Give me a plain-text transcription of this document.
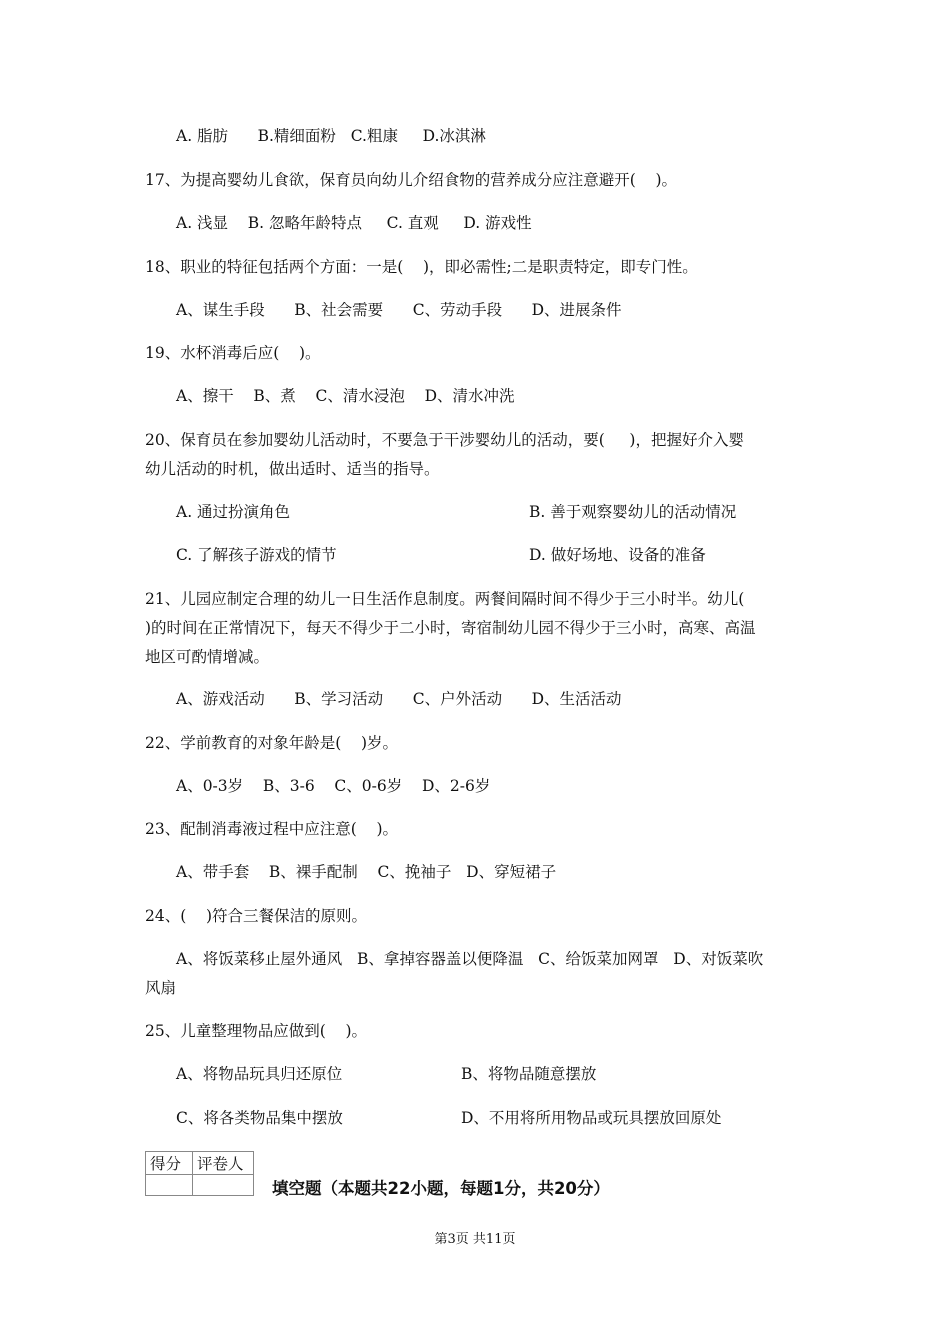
A. 脂肪      B.精细面粉   C.粗康     D.冰淇淋
17、为提高婴幼儿食欲，保育员向幼儿介绍食物的营养成分应注意避开(    )。
A. 浅显    B. 忽略年龄特点     C. 直观     D. 游戏性
18、职业的特征包括两个方面：一是(    )，即必需性;二是职责特定，即专门性。
A、谋生手段      B、社会需要      C、劳动手段      D、进展条件
19、水杯消毒后应(    )。
A、擦干    B、煮    C、清水浸泡    D、清水冲洗
20、保育员在参加婴幼儿活动时，不要急于干涉婴幼儿的活动，要(     )，把握好介入婴
幼儿活动的时机，做出适时、适当的指导。
A. 通过扮演角色	B. 善于观察婴幼儿的活动情况
C. 了解孩子游戏的情节	D. 做好场地、设备的准备
21、儿园应制定合理的幼儿一日生活作息制度。两餐间隔时间不得少于三小时半。幼儿(
)的时间在正常情况下，每天不得少于二小时，寄宿制幼儿园不得少于三小时，高寒、高温
地区可酌情增减。
A、游戏活动      B、学习活动      C、户外活动      D、生活活动
22、学前教育的对象年龄是(    )岁。
A、0-3岁    B、3-6    C、0-6岁    D、2-6岁
23、配制消毒液过程中应注意(    )。
A、带手套    B、裸手配制    C、挽袖子   D、穿短裙子
24、(    )符合三餐保洁的原则。
A、将饭菜移止屋外通风   B、拿掉容器盖以便降温   C、给饭菜加网罩   D、对饭菜吹
风扇
25、儿童整理物品应做到(    )。
A、将物品玩具归还原位	B、将物品随意摆放
C、将各类物品集中摆放	D、不用将所用物品或玩具摆放回原处
得分	评卷人

填空题（本题共22小题，每题1分，共20分）
第3页 共11页
